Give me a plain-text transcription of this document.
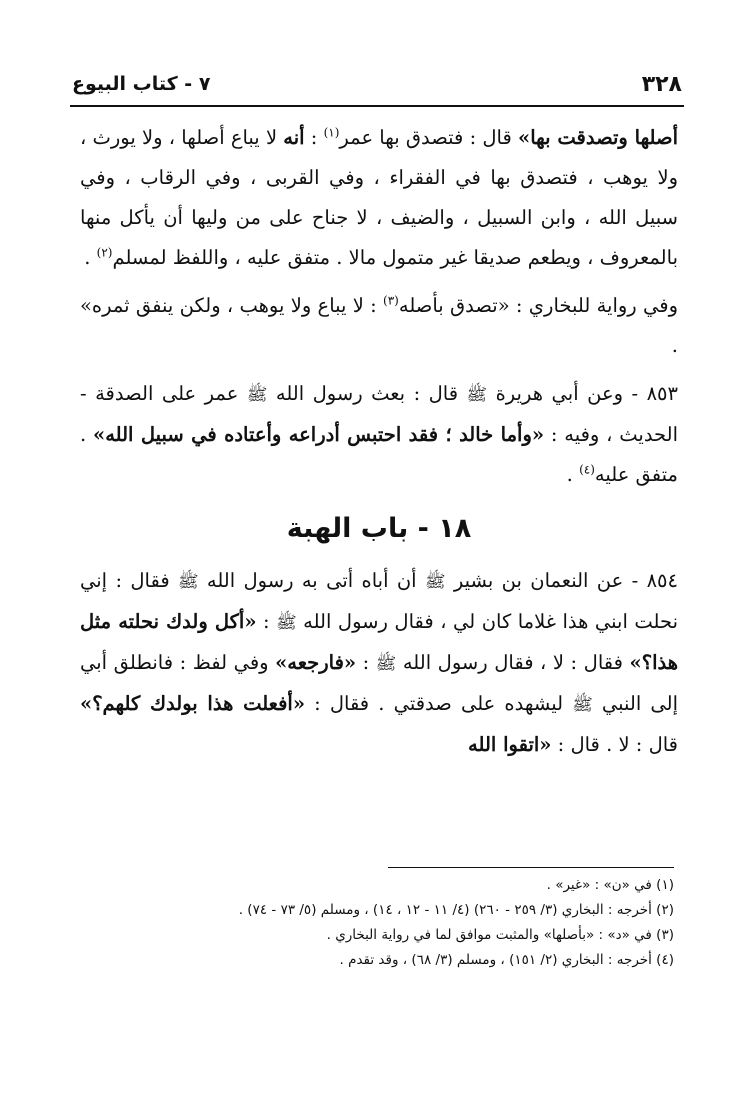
٣٢٨
٧ - كتاب البيوع

أصلها وتصدقت بها» قال : فتصدق بها عمر$^{(١)}$ : أنه لا يباع أصلها ، ولا يورث ، ولا يوهب ، فتصدق بها في الفقراء ، وفي القربى ، وفي الرقاب ، وفي سبيل الله ، وابن السبيل ، والضيف ، لا جناح على من وليها أن يأكل منها بالمعروف ، ويطعم صديقا غير متمول مالا . متفق عليه ، واللفظ لمسلم$^{(٢)}$ .

وفي رواية للبخاري : «تصدق بأصله$^{(٣)}$ : لا يباع ولا يوهب ، ولكن ينفق ثمره» .

٨٥٣ - وعن أبي هريرة ﷺ قال : بعث رسول الله ﷺ عمر على الصدقة - الحديث ، وفيه : «وأما خالد ؛ فقد احتبس أدراعه وأعتاده في سبيل الله» . متفق عليه$^{(٤)}$ .

١٨ - باب الهبة

٨٥٤ - عن النعمان بن بشير ﷺ أن أباه أتى به رسول الله ﷺ فقال : إني نحلت ابني هذا غلاما كان لي ، فقال رسول الله ﷺ : «أكل ولدك نحلته مثل هذا؟» فقال : لا ، فقال رسول الله ﷺ : «فارجعه» وفي لفظ : فانطلق أبي إلى النبي ﷺ ليشهده على صدقتي . فقال : «أفعلت هذا بولدك كلهم؟» قال : لا . قال : «اتقوا الله

(١) في «ن» : «غير» .

(٢) أخرجه : البخاري (٣/ ٢٥٩ - ٢٦٠) (٤/ ١١ - ١٢ ، ١٤) ، ومسلم (٥/ ٧٣ - ٧٤) .

(٣) في «د» : «بأصلها» والمثبت موافق لما في رواية البخاري .

(٤) أخرجه : البخاري (٢/ ١٥١) ، ومسلم (٣/ ٦٨) ، وقد تقدم .
